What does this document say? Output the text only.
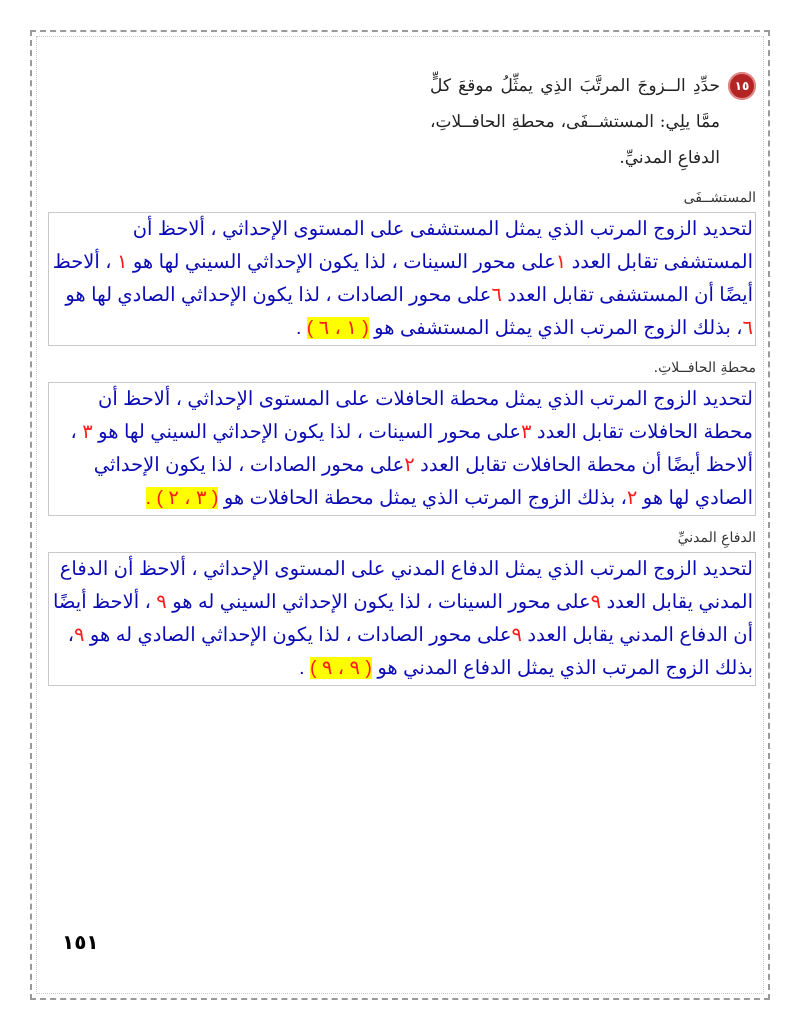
١٥
حدِّدِ الــزوجَ المرتَّبَ الذِي يمثِّلُ موقعَ كلٍّ ممَّا يلِي: المستشــفَى، محطةِ الحافــلاتِ، الدفاعِ المدنيِّ.
المستشــفَى
لتحديد الزوج المرتب الذي يمثل المستشفى على المستوى الإحداثي ، ألاحظ أن المستشفى تقابل العدد ١على محور السينات ، لذا يكون الإحداثي السيني لها هو ١ ، ألاحظ أيضًا أن المستشفى تقابل العدد ٦على محور الصادات ، لذا يكون الإحداثي الصادي لها هو ٦، بذلك الزوج المرتب الذي يمثل المستشفى هو ( ١ ، ٦ ) .
محطةِ الحافــلاتِ.
لتحديد الزوج المرتب الذي يمثل محطة الحافلات على المستوى الإحداثي ، ألاحظ أن محطة الحافلات تقابل العدد ٣على محور السينات ، لذا يكون الإحداثي السيني لها هو ٣ ، ألاحظ أيضًا أن محطة الحافلات تقابل العدد ٢على محور الصادات ، لذا يكون الإحداثي الصادي لها هو ٢، بذلك الزوج المرتب الذي يمثل محطة الحافلات هو ( ٣ ، ٢ ) .
الدفاعِ المدنيِّ
لتحديد الزوج المرتب الذي يمثل الدفاع المدني على المستوى الإحداثي ، ألاحظ أن الدفاع المدني يقابل العدد ٩على محور السينات ، لذا يكون الإحداثي السيني له هو ٩ ، ألاحظ أيضًا أن الدفاع المدني يقابل العدد ٩على محور الصادات ، لذا يكون الإحداثي الصادي له هو ٩، بذلك الزوج المرتب الذي يمثل الدفاع المدني هو ( ٩ ، ٩ ) .
١٥١
